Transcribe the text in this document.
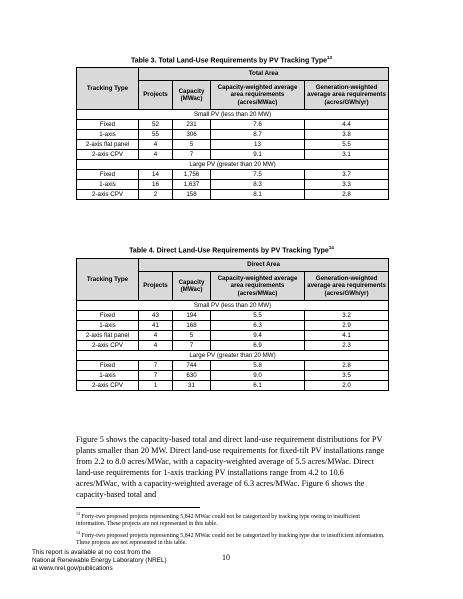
Table 3. Total Land-Use Requirements by PV Tracking Type$^{13}$
Tracking Type	Total Area			
	Projects	Capacity (MWac)	Capacity-weighted average area requirements (acres/MWac)	Generation-weighted average area requirements (acres/GWh/yr)
Small PV (less than 20 MW)				
Fixed	52	231	7.6	4.4
1-axis	55	306	8.7	3.8
2-axis flat panel	4	5	13	5.5
2-axis CPV	4	7	9.1	3.1
Large PV (greater than 20 MW)				
Fixed	14	1,756	7.5	3.7
1-axis	16	1,637	8.3	3.3
2-axis CPV	2	158	8.1	2.8
Table 4. Direct Land-Use Requirements by PV Tracking Type$^{14}$
Tracking Type	Direct Area			
	Projects	Capacity (MWac)	Capacity-weighted average area requirements (acres/MWac)	Generation-weighted average area requirements (acres/GWh/yr)
Small PV (less than 20 MW)				
Fixed	43	194	5.5	3.2
1-axis	41	168	6.3	2.9
2-axis flat panel	4	5	9.4	4.1
2-axis CPV	4	7	6.9	2.3
Large PV (greater than 20 MW)				
Fixed	7	744	5.8	2.8
1-axis	7	630	9.0	3.5
2-axis CPV	1	31	6.1	2.0
Figure 5 shows the capacity-based total and direct land-use requirement distributions for PV plants smaller than 20 MW. Direct land-use requirements for fixed-tilt PV installations range from 2.2 to 8.0 acres/MWac, with a capacity-weighted average of 5.5 acres/MWac. Direct land-use requirements for 1-axis tracking PV installations range from 4.2 to 10.6 acres/MWac, with a capacity-weighted average of 6.3 acres/MWac. Figure 6 shows the capacity-based total and
$^{13}$ Forty-two proposed projects representing 5,842 MWac could not be categorized by tracking type owing to insufficient information. These projects are not represented in this table.
$^{14}$ Forty-two proposed projects representing 5,842 MWac could not be categorized by tracking type due to insufficient information. These projects are not represented in this table.
This report is available at no cost from the
National Renewable Energy Laboratory (NREL)
at www.nrel.gov/publications
10
